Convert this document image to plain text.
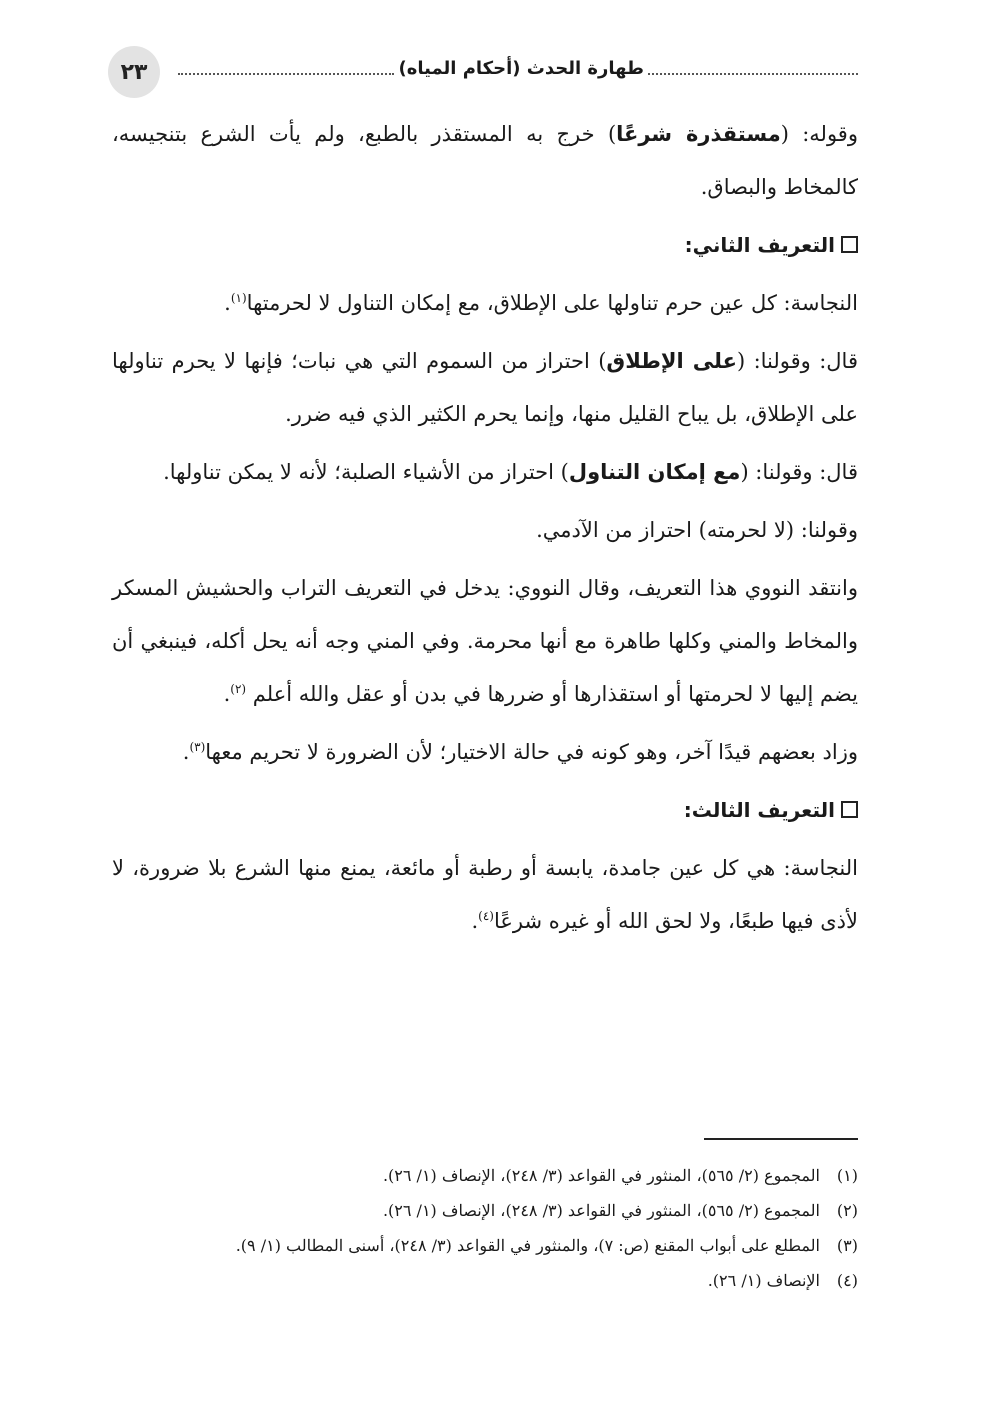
٢٣	طهارة الحدث (أحكام المياه)

وقوله: (مستقذرة شرعًا) خرج به المستقذر بالطبع، ولم يأت الشرع بتنجيسه، كالمخاط والبصاق.

التعريف الثاني:

النجاسة: كل عين حرم تناولها على الإطلاق، مع إمكان التناول لا لحرمتها$^{(١)}$.

قال: وقولنا: (على الإطلاق) احتراز من السموم التي هي نبات؛ فإنها لا يحرم تناولها على الإطلاق، بل يباح القليل منها، وإنما يحرم الكثير الذي فيه ضرر.

قال: وقولنا: (مع إمكان التناول) احتراز من الأشياء الصلبة؛ لأنه لا يمكن تناولها.

وقولنا: (لا لحرمته) احتراز من الآدمي.

وانتقد النووي هذا التعريف، وقال النووي: يدخل في التعريف التراب والحشيش المسكر والمخاط والمني وكلها طاهرة مع أنها محرمة. وفي المني وجه أنه يحل أكله، فينبغي أن يضم إليها لا لحرمتها أو استقذارها أو ضررها في بدن أو عقل والله أعلم $^{(٢)}$.

وزاد بعضهم قيدًا آخر، وهو كونه في حالة الاختيار؛ لأن الضرورة لا تحريم معها$^{(٣)}$.

التعريف الثالث:

النجاسة: هي كل عين جامدة، يابسة أو رطبة أو مائعة، يمنع منها الشرع بلا ضرورة، لا لأذى فيها طبعًا، ولا لحق الله أو غيره شرعًا$^{(٤)}$.

(١)المجموع (٢/ ٥٦٥)، المنثور في القواعد (٣/ ٢٤٨)، الإنصاف (١/ ٢٦).
(٢)المجموع (٢/ ٥٦٥)، المنثور في القواعد (٣/ ٢٤٨)، الإنصاف (١/ ٢٦).
(٣)المطلع على أبواب المقنع (ص: ٧)، والمنثور في القواعد (٣/ ٢٤٨)، أسنى المطالب (١/ ٩).
(٤)الإنصاف (١/ ٢٦).
